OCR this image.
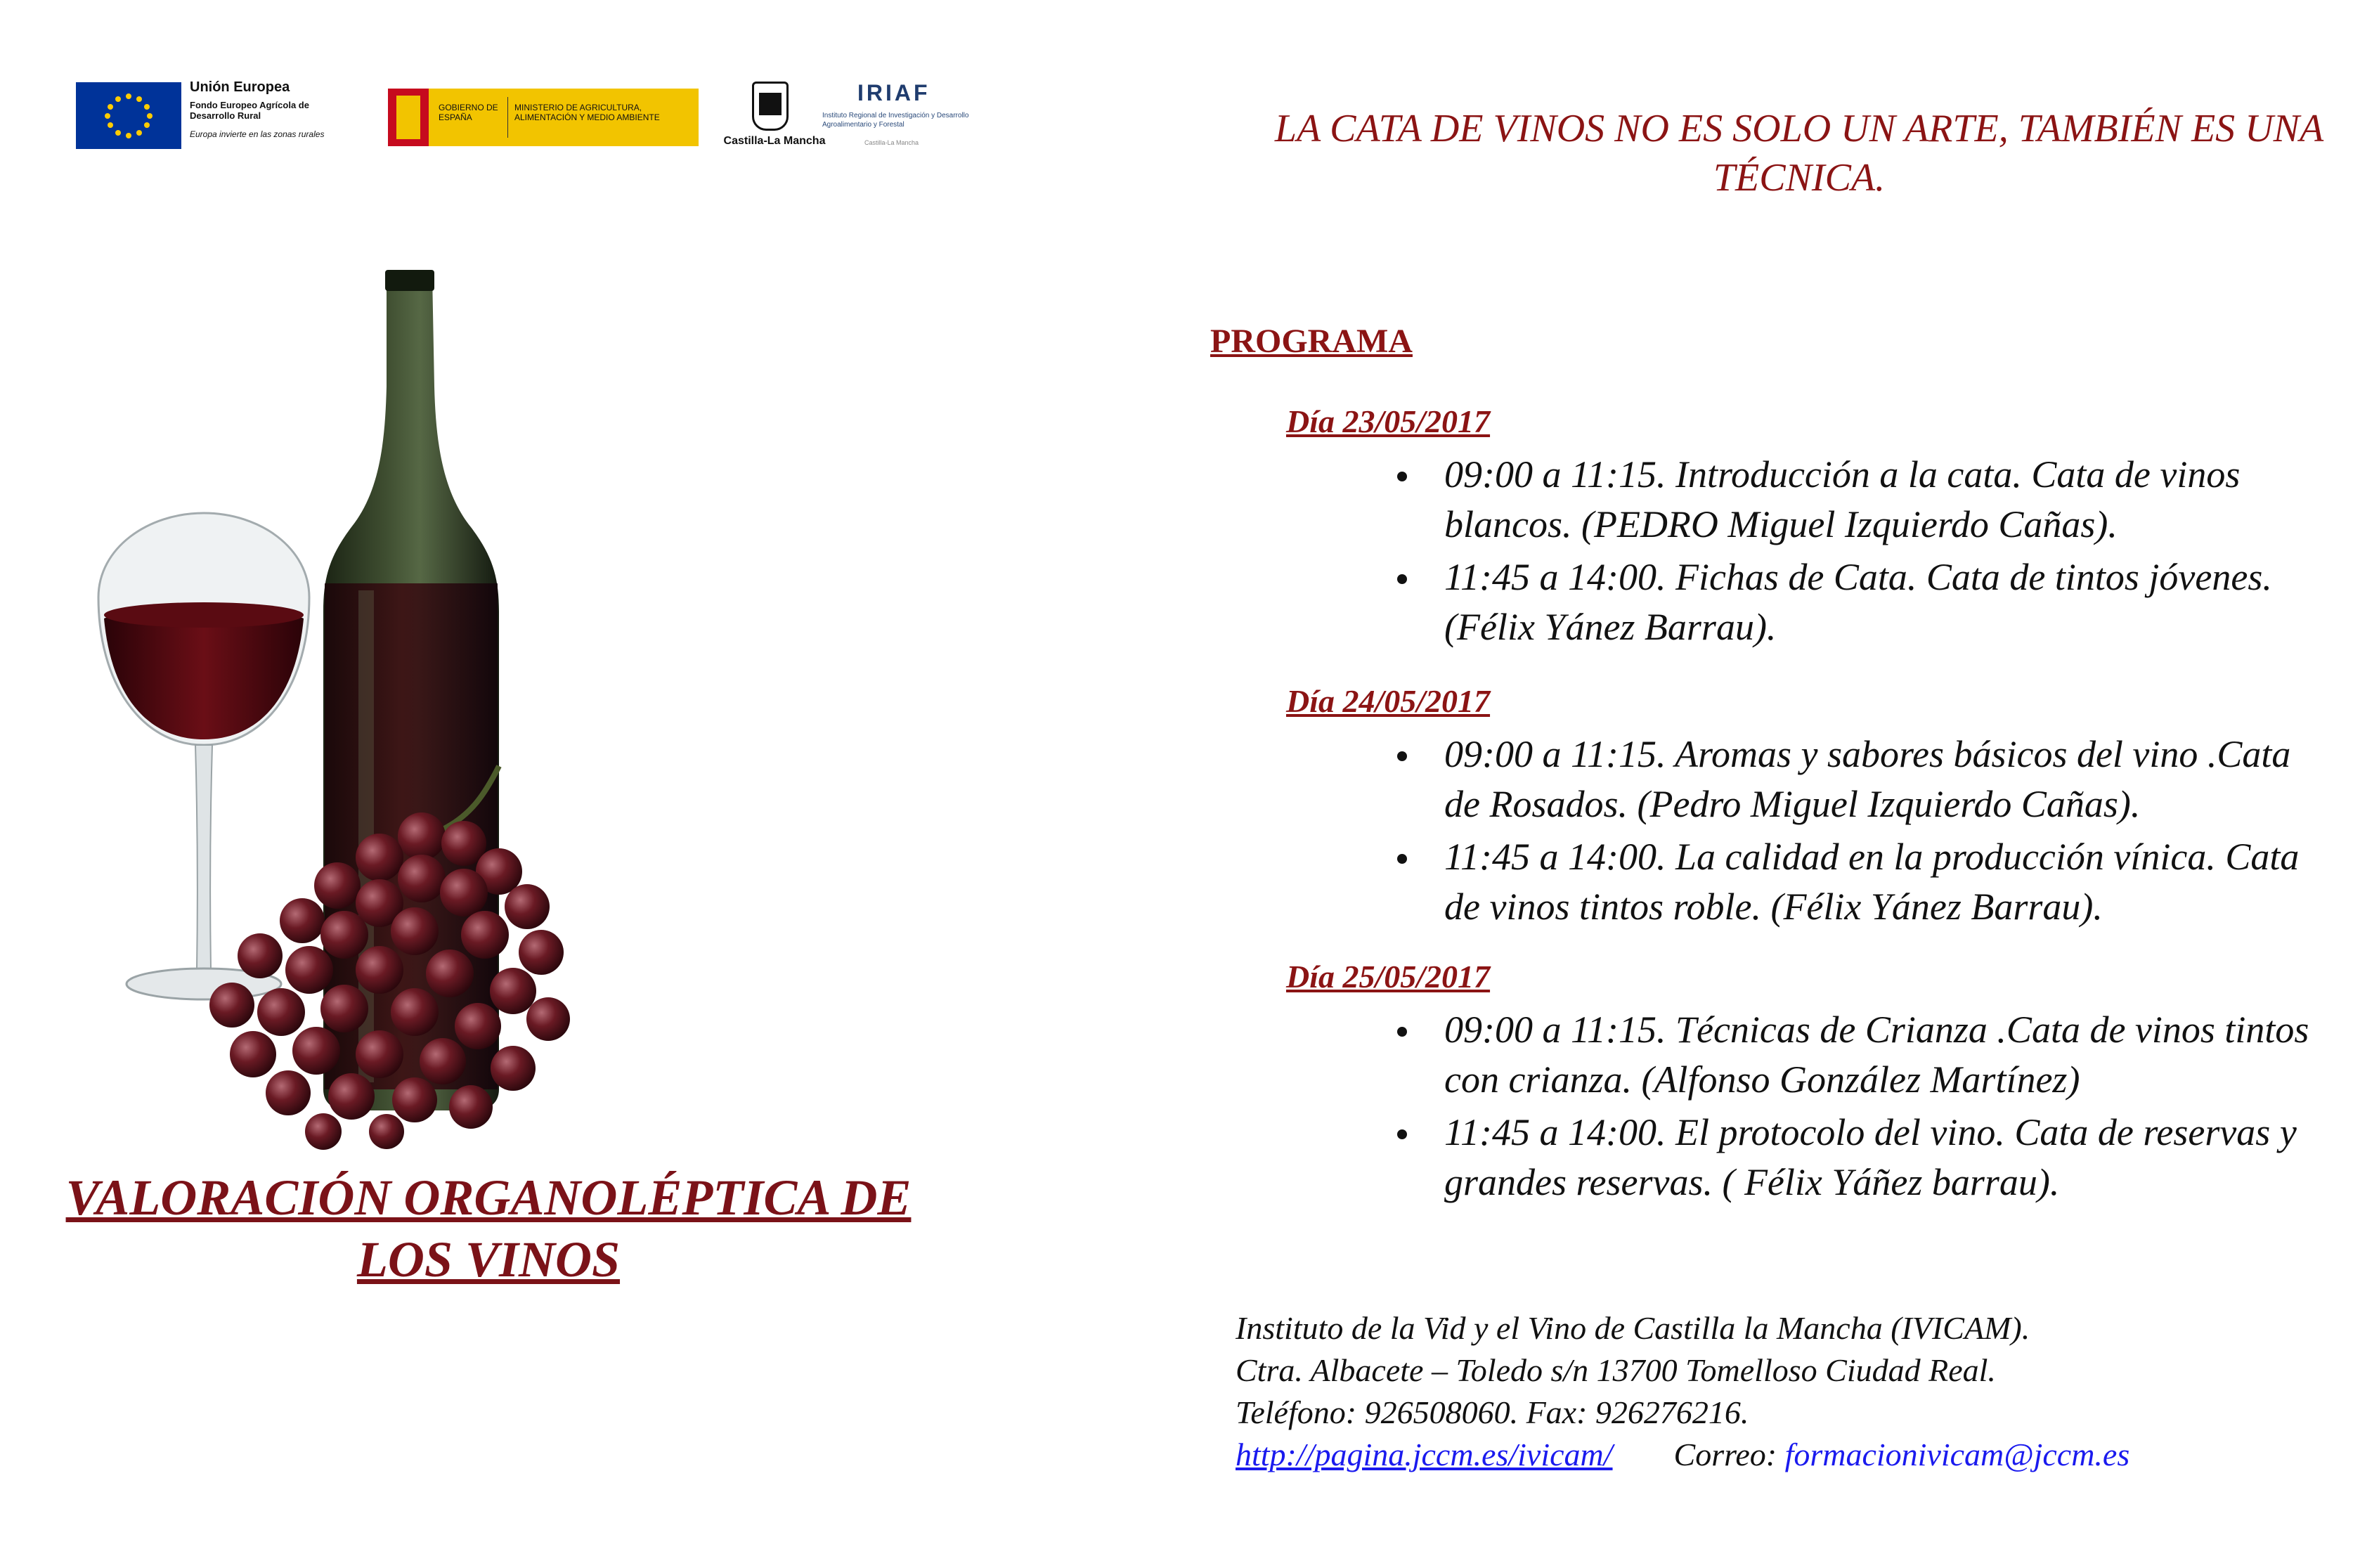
Unión Europea
Fondo Europeo Agrícola de Desarrollo Rural
Europa invierte en las zonas rurales
GOBIERNO DE ESPAÑA
MINISTERIO DE AGRICULTURA, ALIMENTACIÓN Y MEDIO AMBIENTE
Castilla-La Mancha
IRIAF
Instituto Regional de Investigación y Desarrollo Agroalimentario y Forestal
Castilla-La Mancha
VALORACIÓN ORGANOLÉPTICA DE LOS VINOS
LA CATA DE VINOS NO ES SOLO UN ARTE, TAMBIÉN ES UNA TÉCNICA.
PROGRAMA
Día 23/05/2017
09:00 a 11:15. Introducción a la cata. Cata de vinos blancos. (PEDRO Miguel Izquierdo Cañas).
11:45 a 14:00. Fichas de Cata. Cata de tintos jóvenes. (Félix Yánez Barrau).
Día 24/05/2017
09:00 a 11:15. Aromas y sabores básicos del vino .Cata de Rosados. (Pedro Miguel Izquierdo Cañas).
11:45 a 14:00. La calidad en la producción vínica. Cata de vinos tintos roble. (Félix Yánez Barrau).
Día 25/05/2017
09:00 a 11:15. Técnicas de Crianza .Cata de vinos tintos con crianza. (Alfonso González Martínez)
11:45 a 14:00. El protocolo del vino. Cata de reservas y grandes reservas. ( Félix Yáñez barrau).
Instituto de la Vid y el Vino de Castilla la Mancha (IVICAM).
Ctra. Albacete – Toledo s/n 13700 Tomelloso Ciudad Real.
Teléfono: 926508060. Fax: 926276216.
http://pagina.jccm.es/ivicam/ Correo: formacionivicam@jccm.es
